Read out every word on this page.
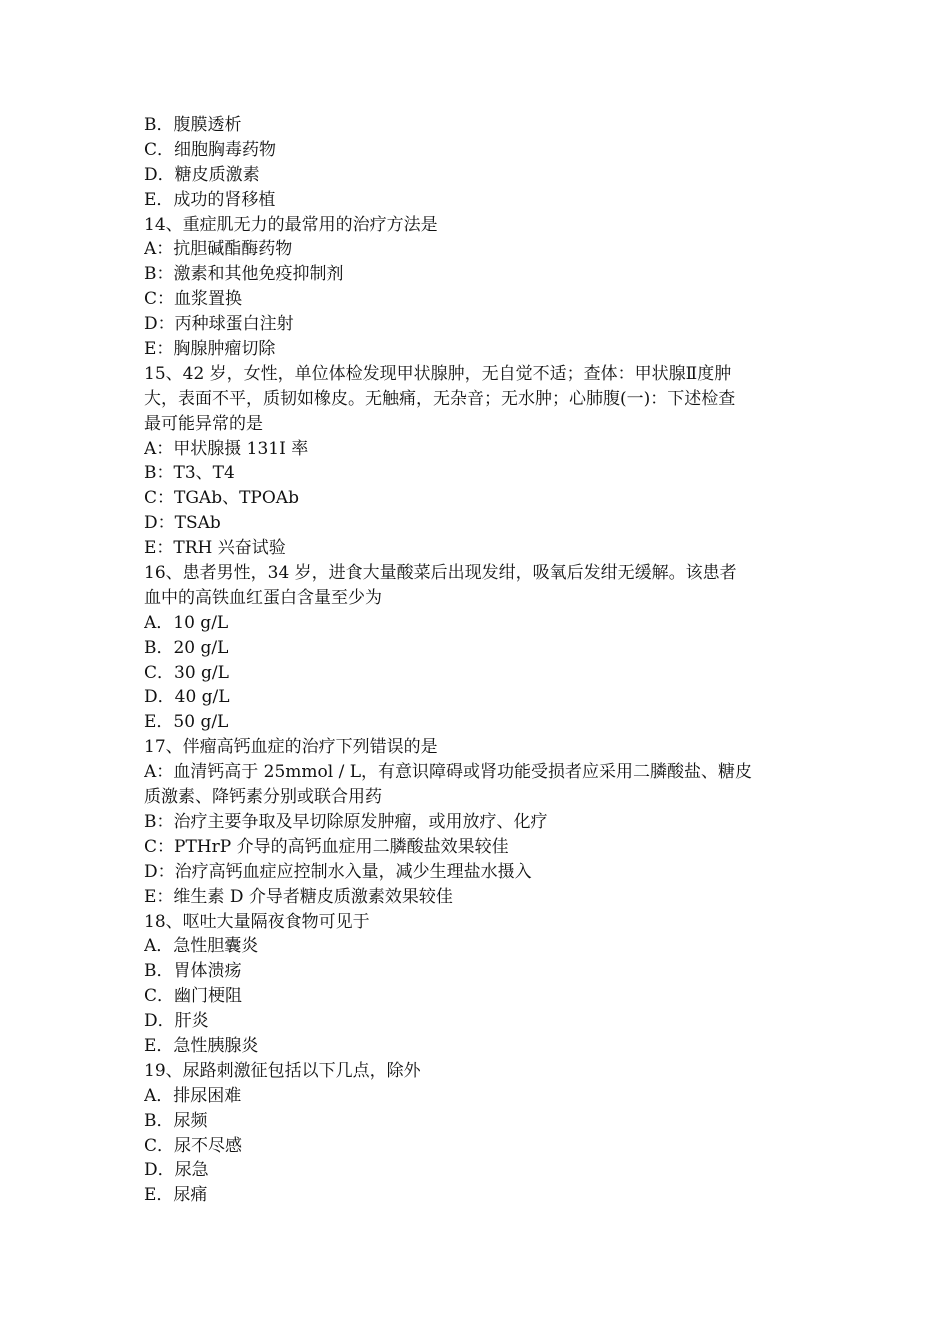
B．腹膜透析

C．细胞胸毒药物

D．糖皮质激素

E．成功的肾移植

14、重症肌无力的最常用的治疗方法是

A：抗胆碱酯酶药物

B：激素和其他免疫抑制剂

C：血浆置换

D：丙种球蛋白注射

E：胸腺肿瘤切除

15、42 岁，女性，单位体检发现甲状腺肿，无自觉不适；查体：甲状腺Ⅱ度肿

大，表面不平，质韧如橡皮。无触痛，无杂音；无水肿；心肺腹(一)：下述检查

最可能异常的是

A：甲状腺摄 131I 率

B：T3、T4

C：TGAb、TPOAb

D：TSAb

E：TRH 兴奋试验

16、患者男性，34 岁，进食大量酸菜后出现发绀，吸氧后发绀无缓解。该患者

血中的高铁血红蛋白含量至少为

A．10 g/L

B．20 g/L

C．30 g/L

D．40 g/L

E．50 g/L

17、伴瘤高钙血症的治疗下列错误的是

A：血清钙高于 25mmol / L，有意识障碍或肾功能受损者应采用二膦酸盐、糖皮

质激素、降钙素分别或联合用药

B：治疗主要争取及早切除原发肿瘤，或用放疗、化疗

C：PTHrP 介导的高钙血症用二膦酸盐效果较佳

D：治疗高钙血症应控制水入量，减少生理盐水摄入

E：维生素 D 介导者糖皮质激素效果较佳

18、呕吐大量隔夜食物可见于

A．急性胆囊炎

B．胃体溃疡

C．幽门梗阻

D．肝炎

E．急性胰腺炎

19、尿路刺激征包括以下几点，除外

A．排尿困难

B．尿频

C．尿不尽感

D．尿急

E．尿痛
